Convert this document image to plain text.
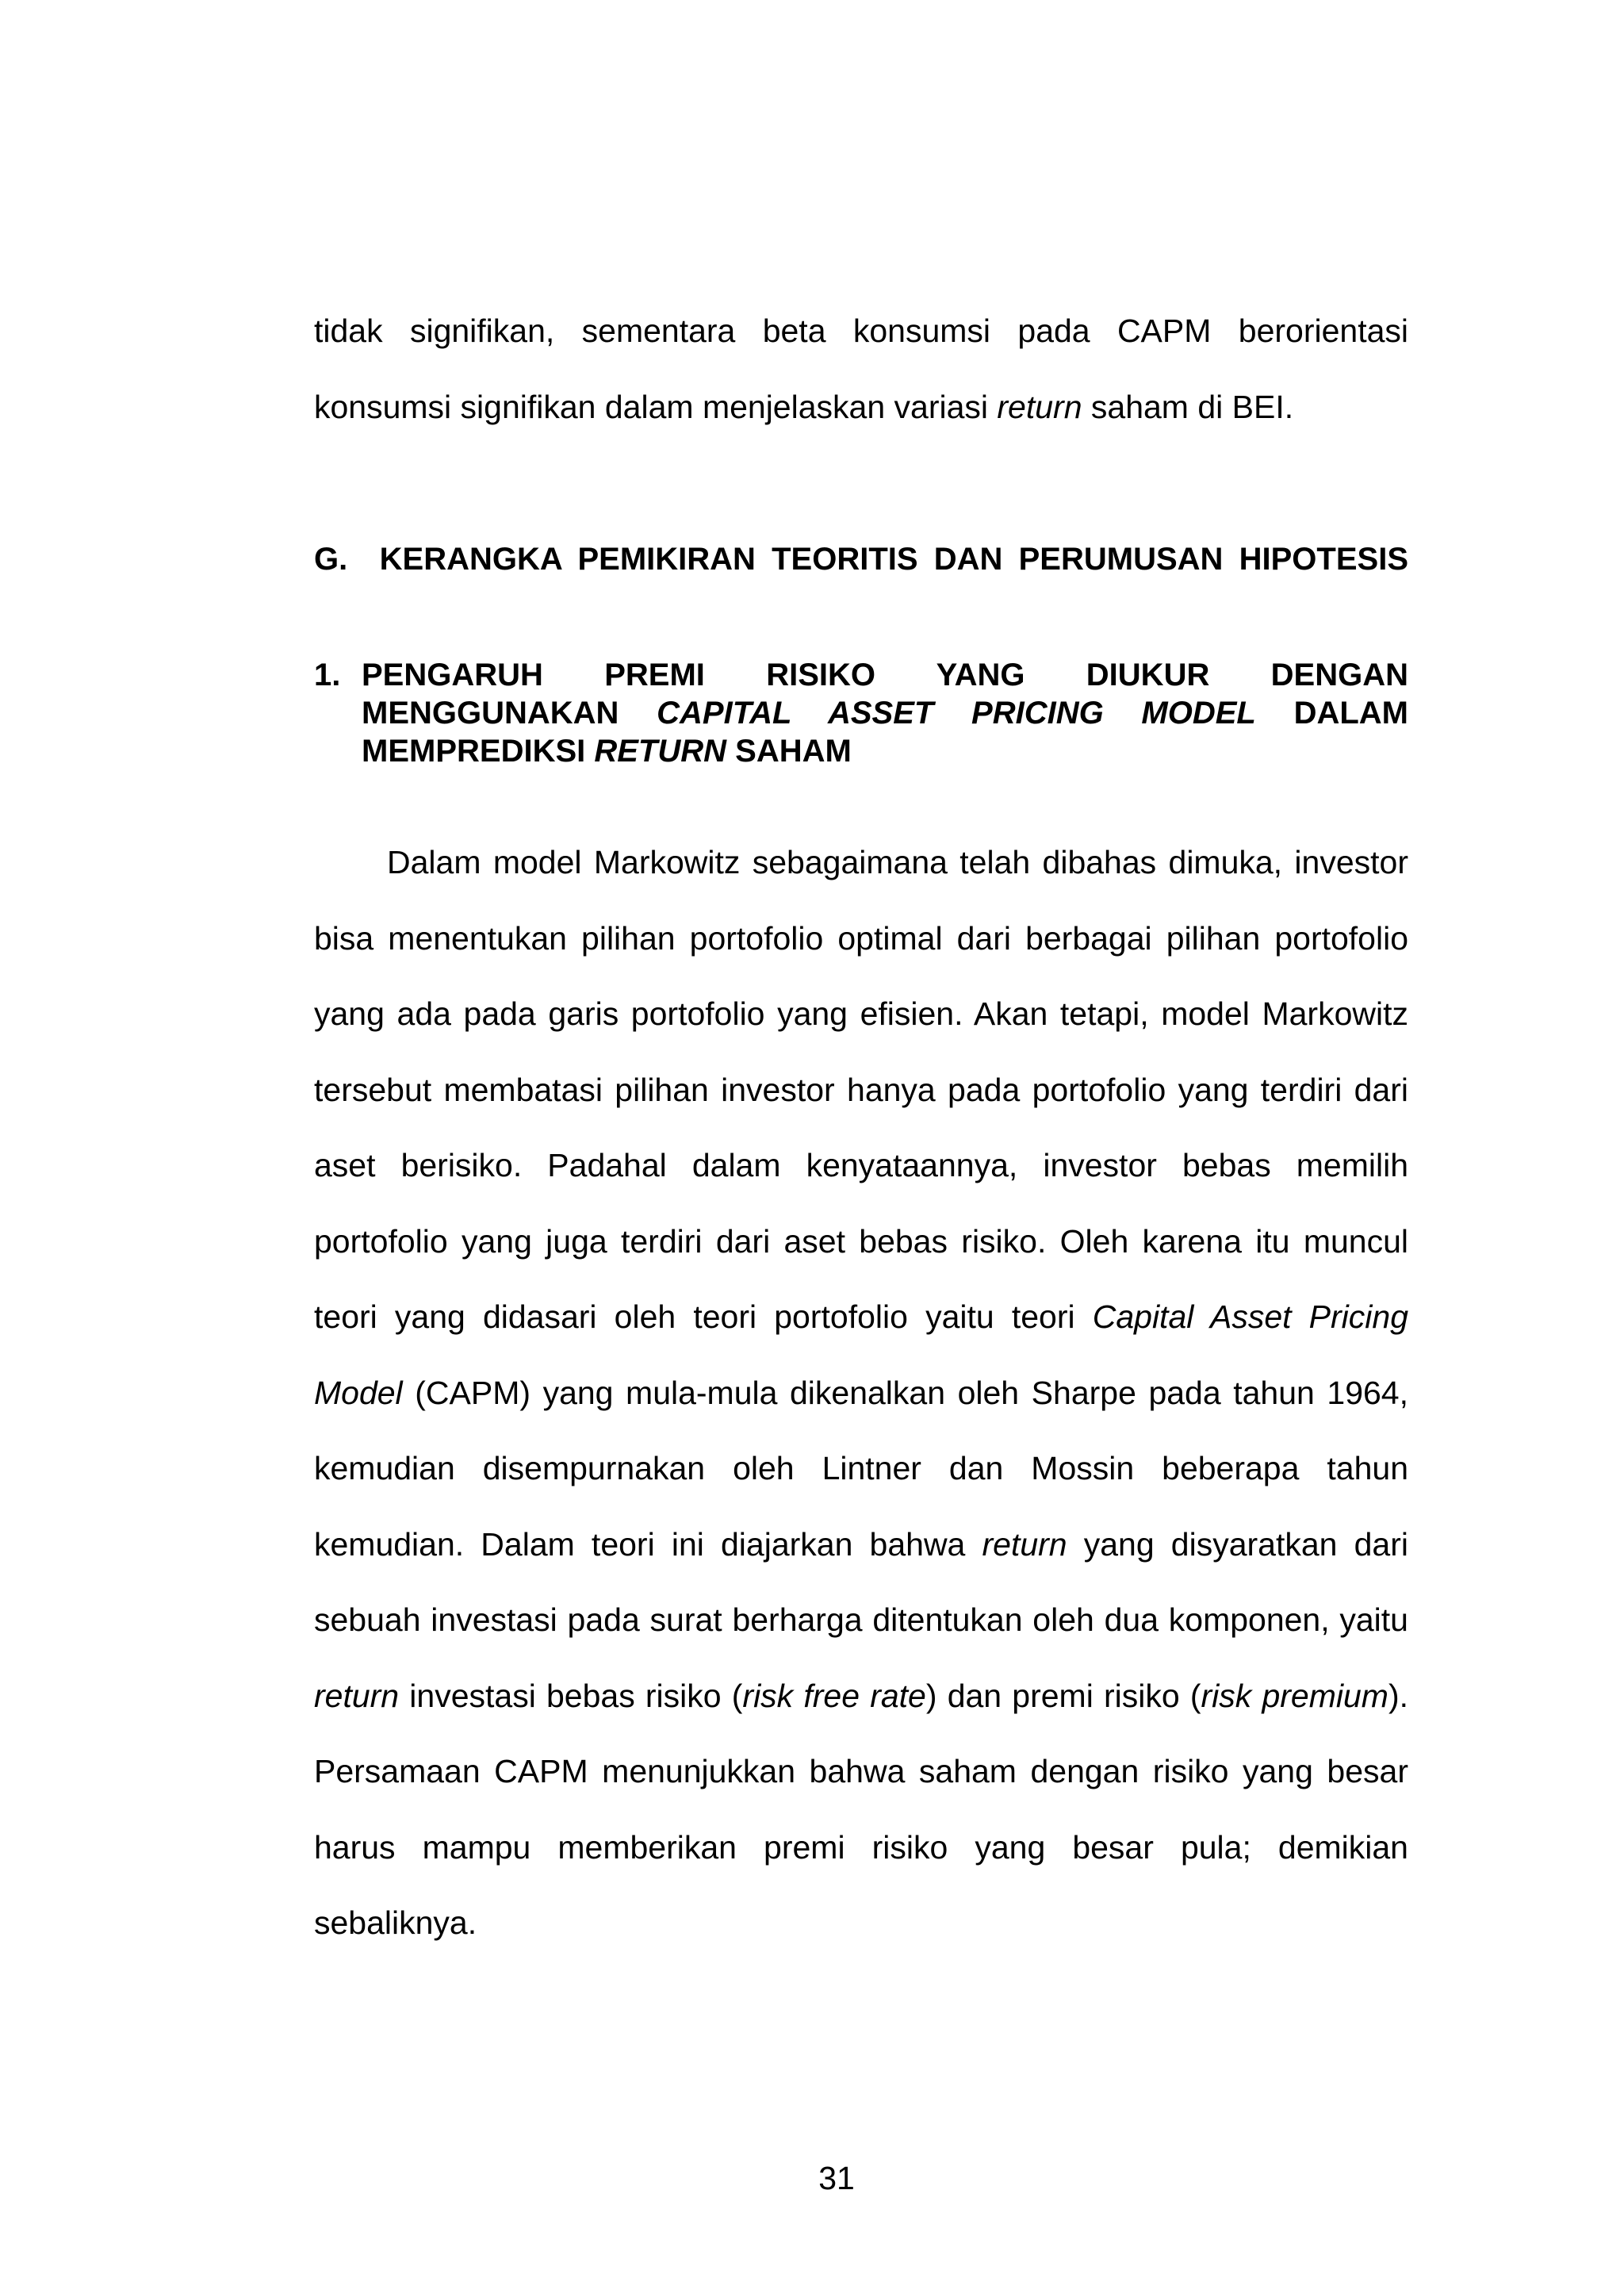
tidak signifikan, sementara beta konsumsi pada CAPM berorientasi konsumsi signifikan dalam menjelaskan variasi return saham di BEI.

G. KERANGKA PEMIKIRAN TEORITIS DAN PERUMUSAN HIPOTESIS
1. PENGARUH PREMI RISIKO YANG DIUKUR DENGAN
MENGGUNAKAN CAPITAL ASSET PRICING MODEL DALAM
MEMPREDIKSI RETURN SAHAM

Dalam model Markowitz sebagaimana telah dibahas dimuka, investor bisa menentukan pilihan portofolio optimal dari berbagai pilihan portofolio yang ada pada garis portofolio yang efisien. Akan tetapi, model Markowitz tersebut membatasi pilihan investor hanya pada portofolio yang terdiri dari aset berisiko. Padahal dalam kenyataannya, investor bebas memilih portofolio yang juga terdiri dari aset bebas risiko. Oleh karena itu muncul teori yang didasari oleh teori portofolio yaitu teori Capital Asset Pricing Model (CAPM) yang mula-mula dikenalkan oleh Sharpe pada tahun 1964, kemudian disempurnakan oleh Lintner dan Mossin beberapa tahun kemudian. Dalam teori ini diajarkan bahwa return yang disyaratkan dari sebuah investasi pada surat berharga ditentukan oleh dua komponen, yaitu return investasi bebas risiko (risk free rate) dan premi risiko (risk premium). Persamaan CAPM menunjukkan bahwa saham dengan risiko yang besar harus mampu memberikan premi risiko yang besar pula; demikian sebaliknya.

31
